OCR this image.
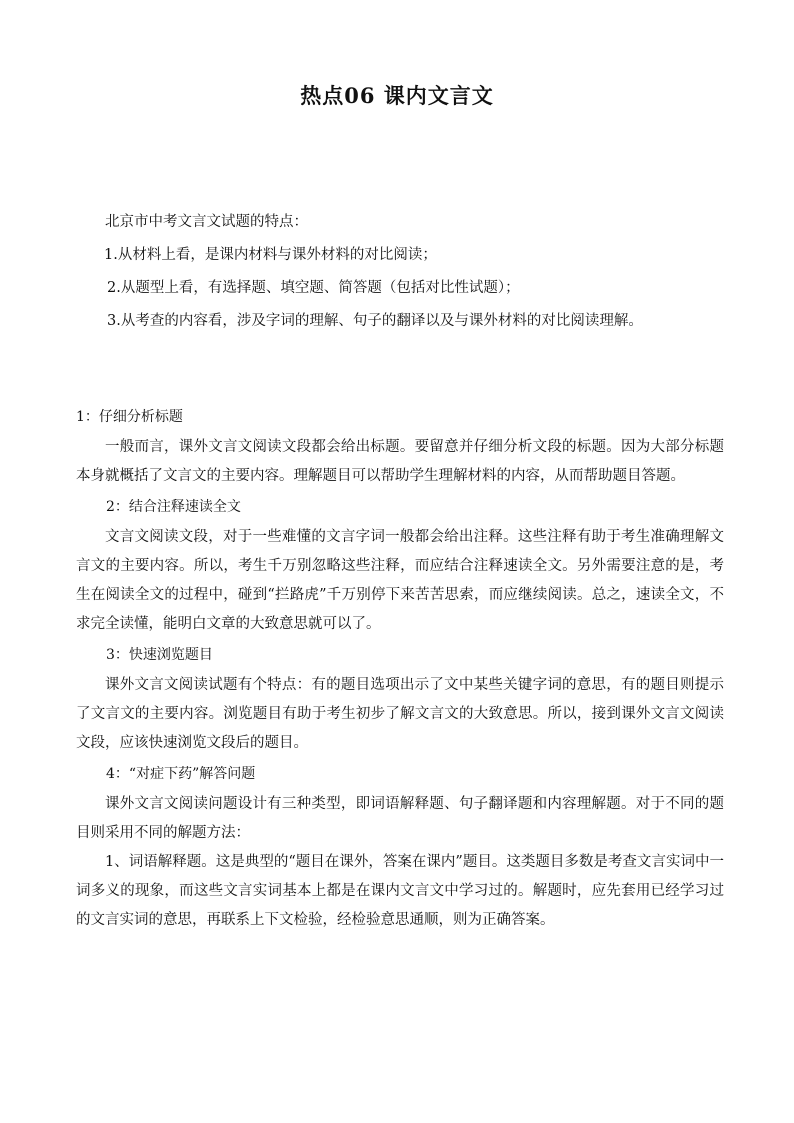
热点06 课内文言文
北京市中考文言文试题的特点：
1.从材料上看，是课内材料与课外材料的对比阅读；
2.从题型上看，有选择题、填空题、简答题（包括对比性试题）；
3.从考查的内容看，涉及字词的理解、句子的翻译以及与课外材料的对比阅读理解。
1：仔细分析标题

一般而言，课外文言文阅读文段都会给出标题。要留意并仔细分析文段的标题。因为大部分标题本身就概括了文言文的主要内容。理解题目可以帮助学生理解材料的内容，从而帮助题目答题。

2：结合注释速读全文

文言文阅读文段，对于一些难懂的文言字词一般都会给出注释。这些注释有助于考生准确理解文言文的主要内容。所以，考生千万别忽略这些注释，而应结合注释速读全文。另外需要注意的是，考生在阅读全文的过程中，碰到“拦路虎”千万别停下来苦苦思索，而应继续阅读。总之，速读全文，不求完全读懂，能明白文章的大致意思就可以了。

3：快速浏览题目

课外文言文阅读试题有个特点：有的题目选项出示了文中某些关键字词的意思，有的题目则提示了文言文的主要内容。浏览题目有助于考生初步了解文言文的大致意思。所以，接到课外文言文阅读文段，应该快速浏览文段后的题目。

4：“对症下药”解答问题

课外文言文阅读问题设计有三种类型，即词语解释题、句子翻译题和内容理解题。对于不同的题目则采用不同的解题方法：

1、词语解释题。这是典型的“题目在课外，答案在课内”题目。这类题目多数是考查文言实词中一词多义的现象，而这些文言实词基本上都是在课内文言文中学习过的。解题时，应先套用已经学习过的文言实词的意思，再联系上下文检验，经检验意思通顺，则为正确答案。
